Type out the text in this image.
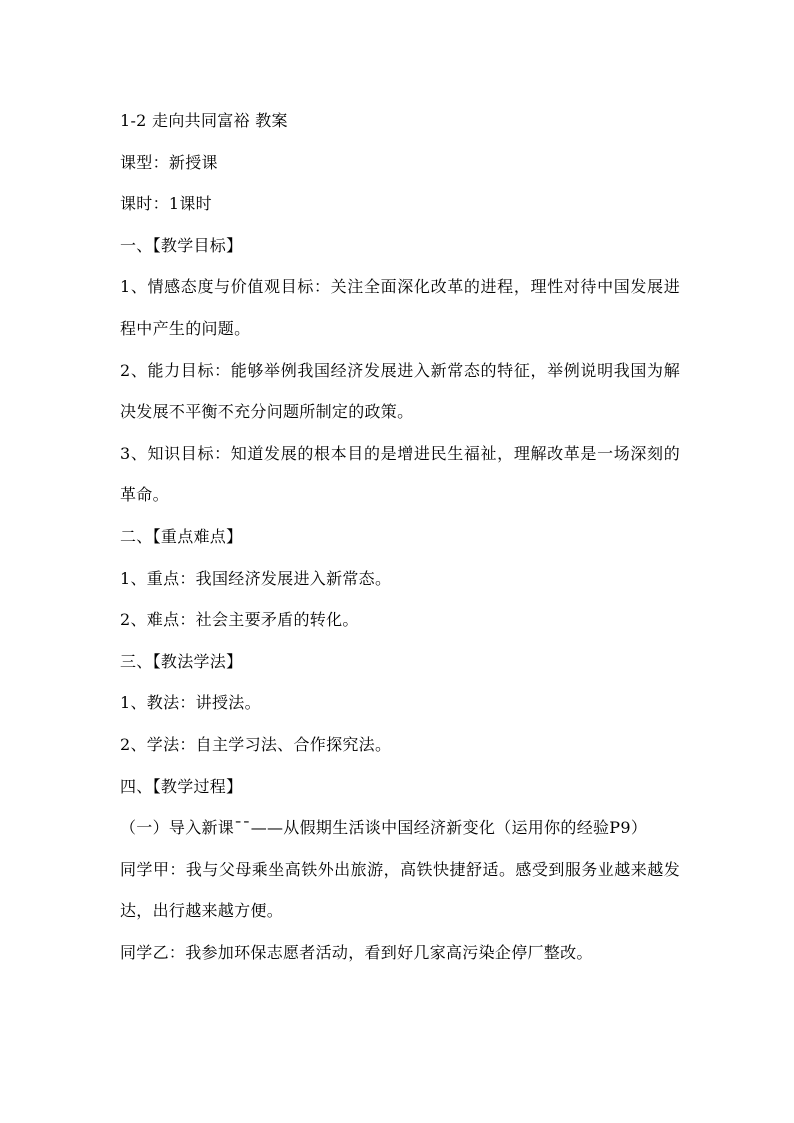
1-2 走向共同富裕 教案

课型：新授课

课时：1课时

一、【教学目标】

1、情感态度与价值观目标：关注全面深化改革的进程，理性对待中国发展进程中产生的问题。

2、能力目标：能够举例我国经济发展进入新常态的特征，举例说明我国为解决发展不平衡不充分问题所制定的政策。

3、知识目标：知道发展的根本目的是增进民生福祉，理解改革是一场深刻的革命。

二、【重点难点】

1、重点：我国经济发展进入新常态。

2、难点：社会主要矛盾的转化。

三、【教法学法】

1、教法：讲授法。

2、学法：自主学习法、合作探究法。

四、【教学过程】

（一）导入新课¯¯——从假期生活谈中国经济新变化（运用你的经验P9）

同学甲：我与父母乘坐高铁外出旅游，高铁快捷舒适。感受到服务业越来越发达，出行越来越方便。

同学乙：我参加环保志愿者活动，看到好几家高污染企停厂整改。
